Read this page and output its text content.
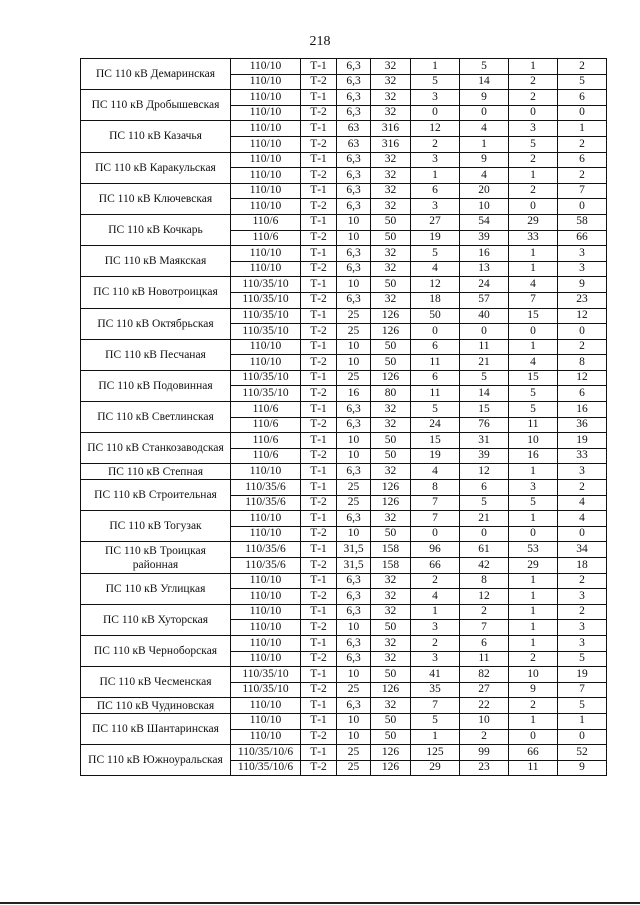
218
ПС 110 кВ Демаринская	110/10	Т-1	6,3	32	1	5	1	2
	110/10	Т-2	6,3	32	5	14	2	5
ПС 110 кВ Дробышевская	110/10	Т-1	6,3	32	3	9	2	6
	110/10	Т-2	6,3	32	0	0	0	0
ПС 110 кВ Казачья	110/10	Т-1	63	316	12	4	3	1
	110/10	Т-2	63	316	2	1	5	2
ПС 110 кВ Каракульская	110/10	Т-1	6,3	32	3	9	2	6
	110/10	Т-2	6,3	32	1	4	1	2
ПС 110 кВ Ключевская	110/10	Т-1	6,3	32	6	20	2	7
	110/10	Т-2	6,3	32	3	10	0	0
ПС 110 кВ Кочкарь	110/6	Т-1	10	50	27	54	29	58
	110/6	Т-2	10	50	19	39	33	66
ПС 110 кВ Маякская	110/10	Т-1	6,3	32	5	16	1	3
	110/10	Т-2	6,3	32	4	13	1	3
ПС 110 кВ Новотроицкая	110/35/10	Т-1	10	50	12	24	4	9
	110/35/10	Т-2	6,3	32	18	57	7	23
ПС 110 кВ Октябрьская	110/35/10	Т-1	25	126	50	40	15	12
	110/35/10	Т-2	25	126	0	0	0	0
ПС 110 кВ Песчаная	110/10	Т-1	10	50	6	11	1	2
	110/10	Т-2	10	50	11	21	4	8
ПС 110 кВ Подовинная	110/35/10	Т-1	25	126	6	5	15	12
	110/35/10	Т-2	16	80	11	14	5	6
ПС 110 кВ Светлинская	110/6	Т-1	6,3	32	5	15	5	16
	110/6	Т-2	6,3	32	24	76	11	36
ПС 110 кВ Станкозаводская	110/6	Т-1	10	50	15	31	10	19
	110/6	Т-2	10	50	19	39	16	33
ПС 110 кВ Степная	110/10	Т-1	6,3	32	4	12	1	3
ПС 110 кВ Строительная	110/35/6	Т-1	25	126	8	6	3	2
	110/35/6	Т-2	25	126	7	5	5	4
ПС 110 кВ Тогузак	110/10	Т-1	6,3	32	7	21	1	4
	110/10	Т-2	10	50	0	0	0	0
ПС 110 кВ Троицкая районная	110/35/6	Т-1	31,5	158	96	61	53	34
	110/35/6	Т-2	31,5	158	66	42	29	18
ПС 110 кВ Углицкая	110/10	Т-1	6,3	32	2	8	1	2
	110/10	Т-2	6,3	32	4	12	1	3
ПС 110 кВ Хуторская	110/10	Т-1	6,3	32	1	2	1	2
	110/10	Т-2	10	50	3	7	1	3
ПС 110 кВ Черноборская	110/10	Т-1	6,3	32	2	6	1	3
	110/10	Т-2	6,3	32	3	11	2	5
ПС 110 кВ Чесменская	110/35/10	Т-1	10	50	41	82	10	19
	110/35/10	Т-2	25	126	35	27	9	7
ПС 110 кВ Чудиновская	110/10	Т-1	6,3	32	7	22	2	5
ПС 110 кВ Шантаринская	110/10	Т-1	10	50	5	10	1	1
	110/10	Т-2	10	50	1	2	0	0
ПС 110 кВ Южноуральская	110/35/10/6	Т-1	25	126	125	99	66	52
	110/35/10/6	Т-2	25	126	29	23	11	9
